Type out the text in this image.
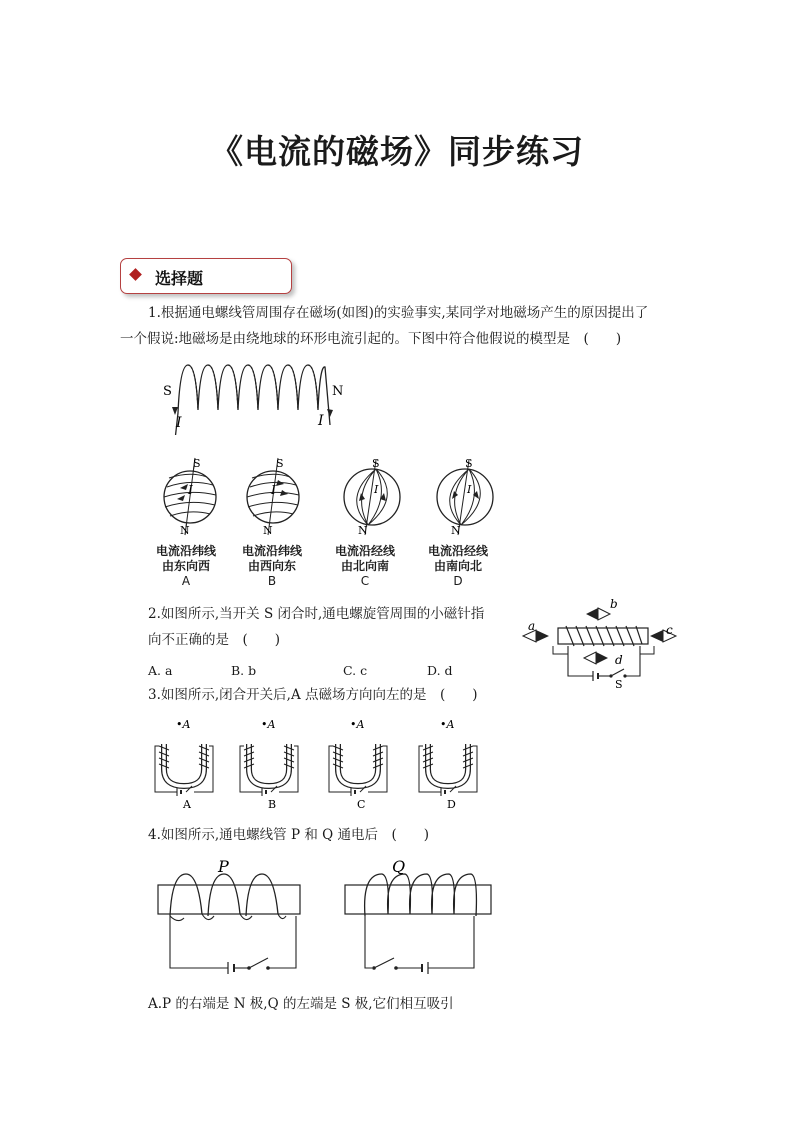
《电流的磁场》同步练习
选择题
1.根据通电螺线管周围存在磁场(如图)的实验事实,某同学对地磁场产生的原因提出了
一个假说:地磁场是由绕地球的环形电流引起的。下图中符合他假说的模型是　(　　)
S	N
I	I
S
N
I
S
N
I
S
N
I
S
N
I
电流沿纬线
由东向西
A
电流沿纬线
由西向东
B
电流沿经线
由北向南
C
电流沿经线
由南向北
D
2.如图所示,当开关 S 闭合时,通电螺旋管周围的小磁针指
向不正确的是　(　　)
A. a	B. b	C. c	D. d
a
b
c
d
S
3.如图所示,闭合开关后,A 点磁场方向向左的是　(　　)
•A
A
•A
B
•A
C
•A
D
4.如图所示,通电螺线管 P 和 Q 通电后　(　　)
P	Q
A.P 的右端是 N 极,Q 的左端是 S 极,它们相互吸引
